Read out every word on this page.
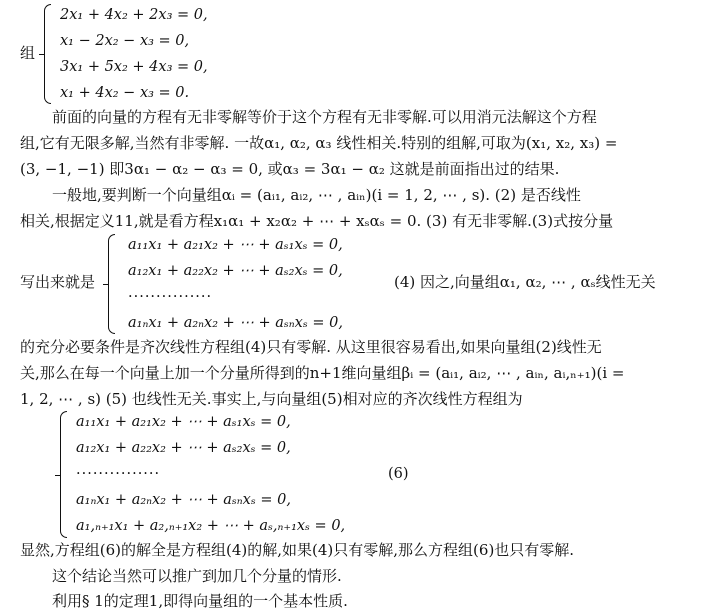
组
2x₁ + 4x₂ + 2x₃ = 0,
x₁ − 2x₂ − x₃ = 0,
3x₁ + 5x₂ + 4x₃ = 0,
x₁ + 4x₂ − x₃ = 0.
前面的向量的方程有无非零解等价于这个方程有无非零解.可以用消元法解这个方程
组,它有无限多解,当然有非零解. 一故α₁, α₂, α₃ 线性相关.特别的组解,可取为(x₁, x₂, x₃) =
(3, −1, −1) 即3α₁ − α₂ − α₃ = 0, 或α₃ = 3α₁ − α₂ 这就是前面指出过的结果.
一般地,要判断一个向量组αᵢ = (aᵢ₁, aᵢ₂, ⋯ , aᵢₙ)(i = 1, 2, ⋯ , s). (2) 是否线性
相关,根据定义11,就是看方程x₁α₁ + x₂α₂ + ⋯ + xₛαₛ = 0. (3) 有无非零解.(3)式按分量
写出来就是
a₁₁x₁ + a₂₁x₂ + ⋯ + aₛ₁xₛ = 0,
a₁₂x₁ + a₂₂x₂ + ⋯ + aₛ₂xₛ = 0,
···············
a₁ₙx₁ + a₂ₙx₂ + ⋯ + aₛₙxₛ = 0,
(4) 因之,向量组α₁, α₂, ⋯ , αₛ线性无关
的充分必要条件是齐次线性方程组(4)只有零解. 从这里很容易看出,如果向量组(2)线性无
关,那么在每一个向量上加一个分量所得到的n+1维向量组βᵢ = (aᵢ₁, aᵢ₂, ⋯ , aᵢₙ, aᵢ,ₙ₊₁)(i =
1, 2, ⋯ , s) (5) 也线性无关.事实上,与向量组(5)相对应的齐次线性方程组为
a₁₁x₁ + a₂₁x₂ + ⋯ + aₛ₁xₛ = 0,
a₁₂x₁ + a₂₂x₂ + ⋯ + aₛ₂xₛ = 0,
···············
a₁ₙx₁ + a₂ₙx₂ + ⋯ + aₛₙxₛ = 0,
a₁,ₙ₊₁x₁ + a₂,ₙ₊₁x₂ + ⋯ + aₛ,ₙ₊₁xₛ = 0,
(6)
显然,方程组(6)的解全是方程组(4)的解,如果(4)只有零解,那么方程组(6)也只有零解.
这个结论当然可以推广到加几个分量的情形.
利用§ 1的定理1,即得向量组的一个基本性质.
